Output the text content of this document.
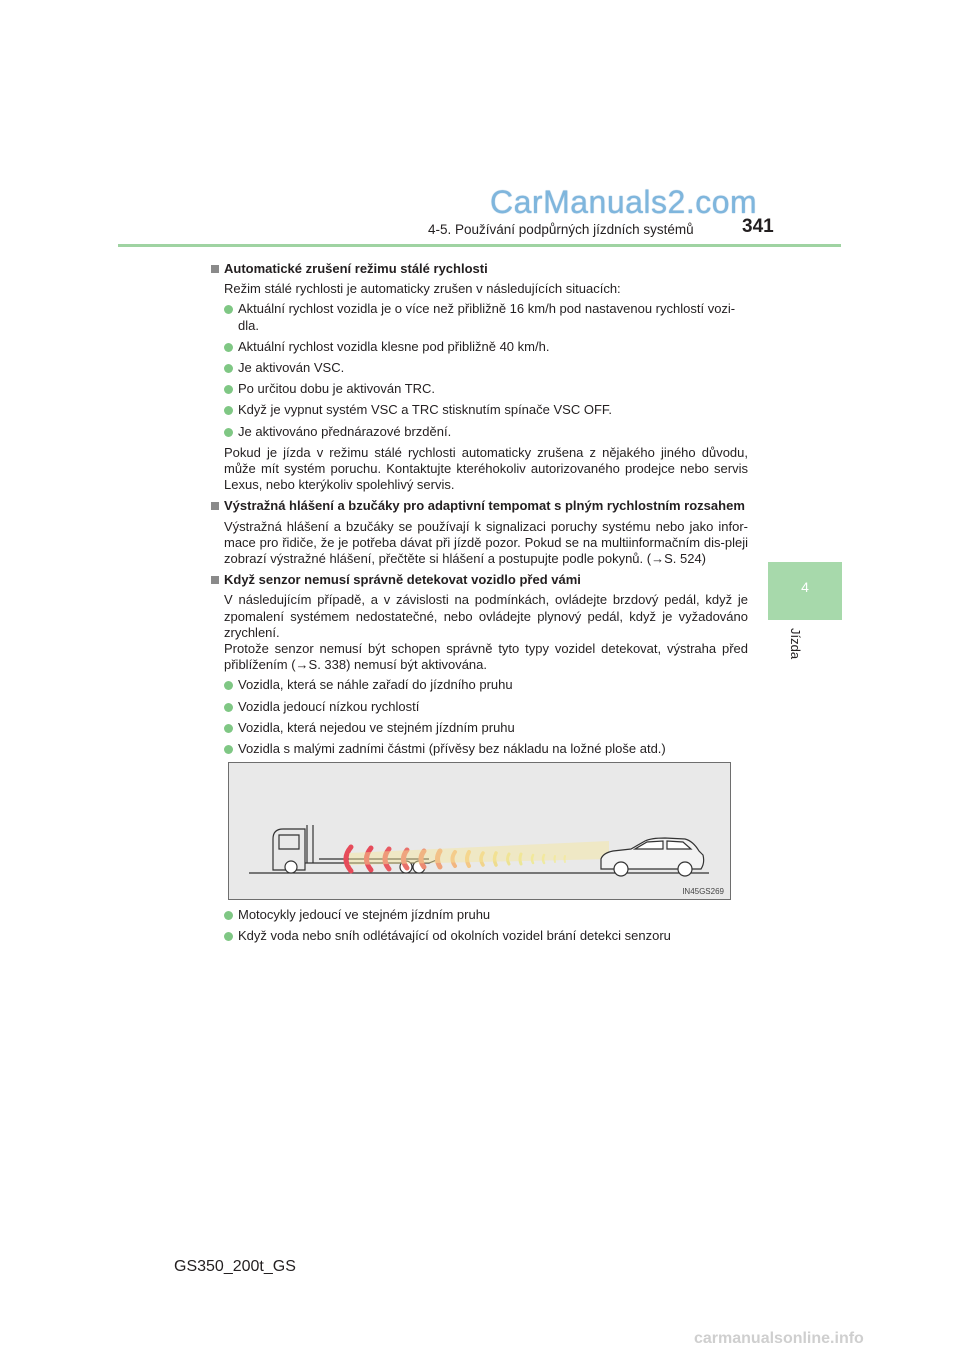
CarManuals2.com
4-5. Používání podpůrných jízdních systémů	341
4
Jízda
Automatické zrušení režimu stálé rychlosti
Režim stálé rychlosti je automaticky zrušen v následujících situacích:
Aktuální rychlost vozidla je o více než přibližně 16 km/h pod nastavenou rychlostí vozi-dla.
Aktuální rychlost vozidla klesne pod přibližně 40 km/h.
Je aktivován VSC.
Po určitou dobu je aktivován TRC.
Když je vypnut systém VSC a TRC stisknutím spínače VSC OFF.
Je aktivováno přednárazové brzdění.
Pokud je jízda v režimu stálé rychlosti automaticky zrušena z nějakého jiného důvodu, může mít systém poruchu. Kontaktujte kteréhokoliv autorizovaného prodejce nebo servis Lexus, nebo kterýkoliv spolehlivý servis.
Výstražná hlášení a bzučáky pro adaptivní tempomat s plným rychlostním rozsahem
Výstražná hlášení a bzučáky se používají k signalizaci poruchy systému nebo jako infor-mace pro řidiče, že je potřeba dávat při jízdě pozor. Pokud se na multiinformačním dis-pleji zobrazí výstražné hlášení, přečtěte si hlášení a postupujte podle pokynů. (→S. 524)
Když senzor nemusí správně detekovat vozidlo před vámi
V následujícím případě, a v závislosti na podmínkách, ovládejte brzdový pedál, když je zpomalení systémem nedostatečné, nebo ovládejte plynový pedál, když je vyžadováno zrychlení.
Protože senzor nemusí být schopen správně tyto typy vozidel detekovat, výstraha před přiblížením (→S. 338) nemusí být aktivována.
Vozidla, která se náhle zařadí do jízdního pruhu
Vozidla jedoucí nízkou rychlostí
Vozidla, která nejedou ve stejném jízdním pruhu
Vozidla s malými zadními částmi (přívěsy bez nákladu na ložné ploše atd.)
IN45GS269
Motocykly jedoucí ve stejném jízdním pruhu
Když voda nebo sníh odlétávající od okolních vozidel brání detekci senzoru
GS350_200t_GS
carmanualsonline.info
